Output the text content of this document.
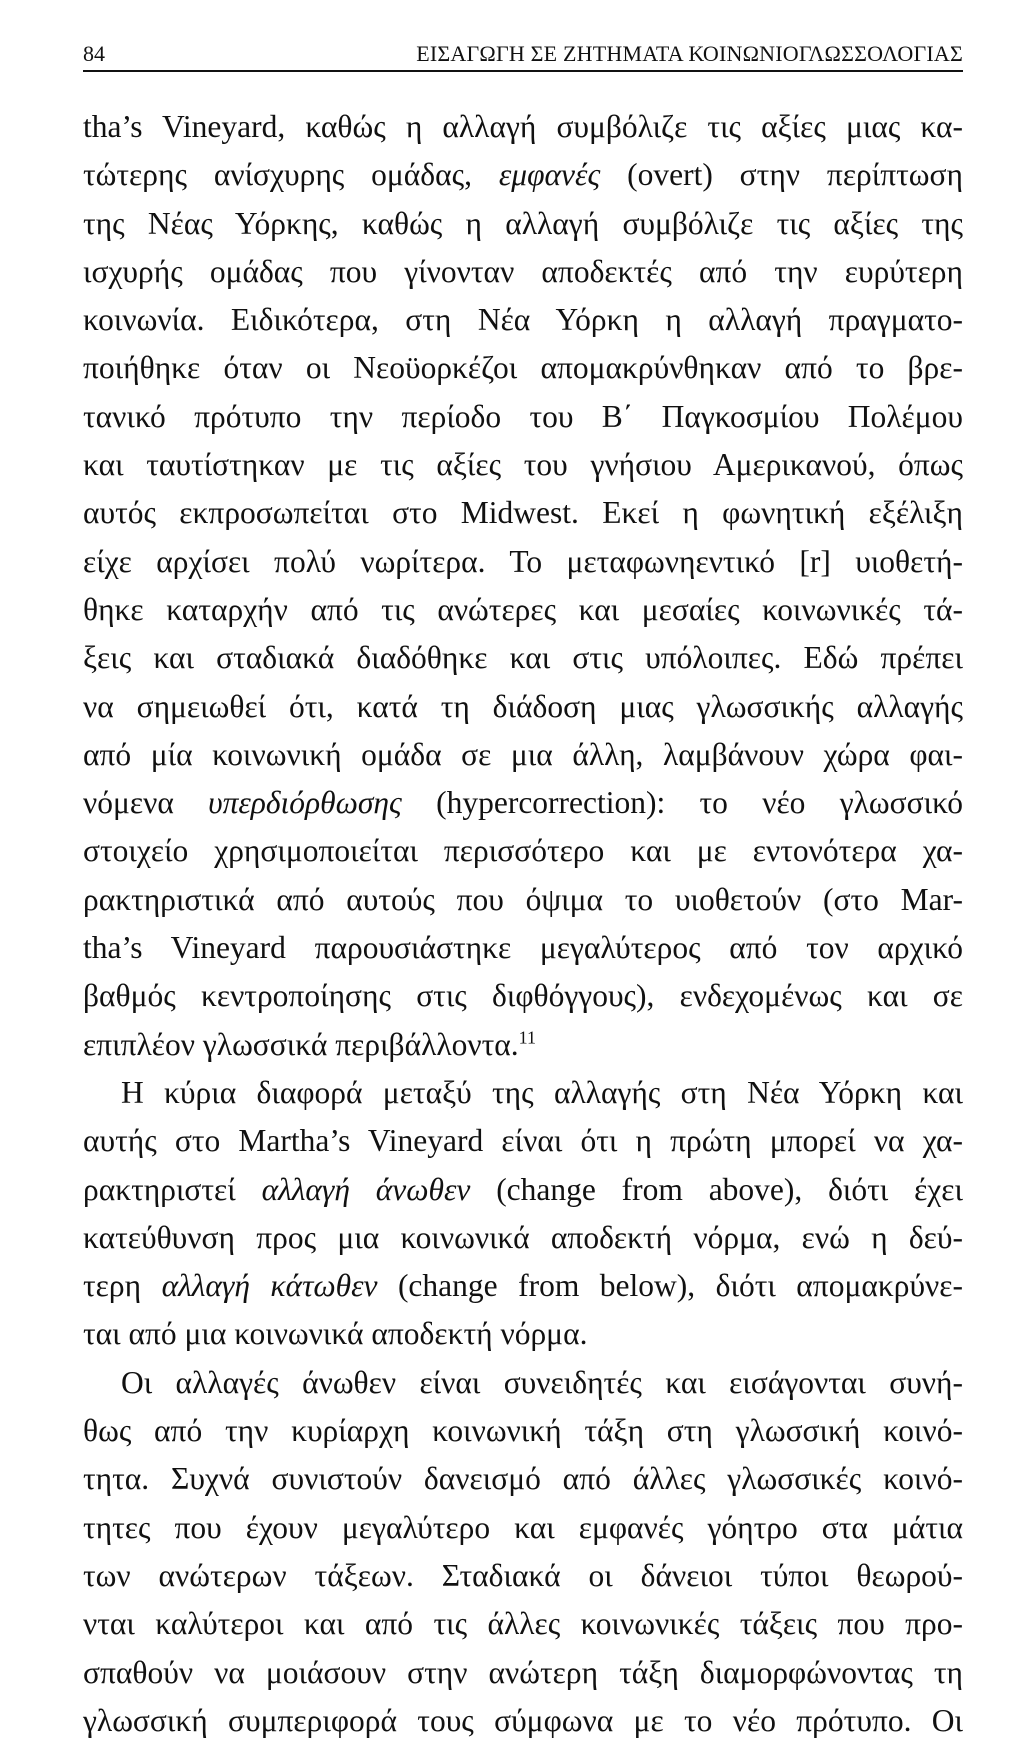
84	ΕΙΣΑΓΩΓΗ ΣΕ ΖΗΤΗΜΑΤΑ ΚΟΙΝΩΝΙΟΓΛΩΣΣΟΛΟΓΙΑΣ
tha’s Vineyard, καθώς η αλλαγή συμβόλιζε τις αξίες μιας κα-
τώτερης ανίσχυρης ομάδας, εμφανές (overt) στην περίπτωση
της Νέας Υόρκης, καθώς η αλλαγή συμβόλιζε τις αξίες της
ισχυρής ομάδας που γίνονταν αποδεκτές από την ευρύτερη
κοινωνία. Ειδικότερα, στη Νέα Υόρκη η αλλαγή πραγματο-
ποιήθηκε όταν οι Νεοϋορκέζοι απομακρύνθηκαν από το βρε-
τανικό πρότυπο την περίοδο του Β΄ Παγκοσμίου Πολέμου
και ταυτίστηκαν με τις αξίες του γνήσιου Αμερικανού, όπως
αυτός εκπροσωπείται στο Midwest. Εκεί η φωνητική εξέλιξη
είχε αρχίσει πολύ νωρίτερα. Το μεταφωνηεντικό [r] υιοθετή-
θηκε καταρχήν από τις ανώτερες και μεσαίες κοινωνικές τά-
ξεις και σταδιακά διαδόθηκε και στις υπόλοιπες. Εδώ πρέπει
να σημειωθεί ότι, κατά τη διάδοση μιας γλωσσικής αλλαγής
από μία κοινωνική ομάδα σε μια άλλη, λαμβάνουν χώρα φαι-
νόμενα υπερδιόρθωσης (hypercorrection): το νέο γλωσσικό
στοιχείο χρησιμοποιείται περισσότερο και με εντονότερα χα-
ρακτηριστικά από αυτούς που όψιμα το υιοθετούν (στο Mar-
tha’s Vineyard παρουσιάστηκε μεγαλύτερος από τον αρχικό
βαθμός κεντροποίησης στις διφθόγγους), ενδεχομένως και σε
επιπλέον γλωσσικά περιβάλλοντα.$^{11}$
Η κύρια διαφορά μεταξύ της αλλαγής στη Νέα Υόρκη και
αυτής στο Martha’s Vineyard είναι ότι η πρώτη μπορεί να χα-
ρακτηριστεί αλλαγή άνωθεν (change from above), διότι έχει
κατεύθυνση προς μια κοινωνικά αποδεκτή νόρμα, ενώ η δεύ-
τερη αλλαγή κάτωθεν (change from below), διότι απομακρύνε-
ται από μια κοινωνικά αποδεκτή νόρμα.
Οι αλλαγές άνωθεν είναι συνειδητές και εισάγονται συνή-
θως από την κυρίαρχη κοινωνική τάξη στη γλωσσική κοινό-
τητα. Συχνά συνιστούν δανεισμό από άλλες γλωσσικές κοινό-
τητες που έχουν μεγαλύτερο και εμφανές γόητρο στα μάτια
των ανώτερων τάξεων. Σταδιακά οι δάνειοι τύποι θεωρού-
νται καλύτεροι και από τις άλλες κοινωνικές τάξεις που προ-
σπαθούν να μοιάσουν στην ανώτερη τάξη διαμορφώνοντας τη
γλωσσική συμπεριφορά τους σύμφωνα με το νέο πρότυπο. Οι
